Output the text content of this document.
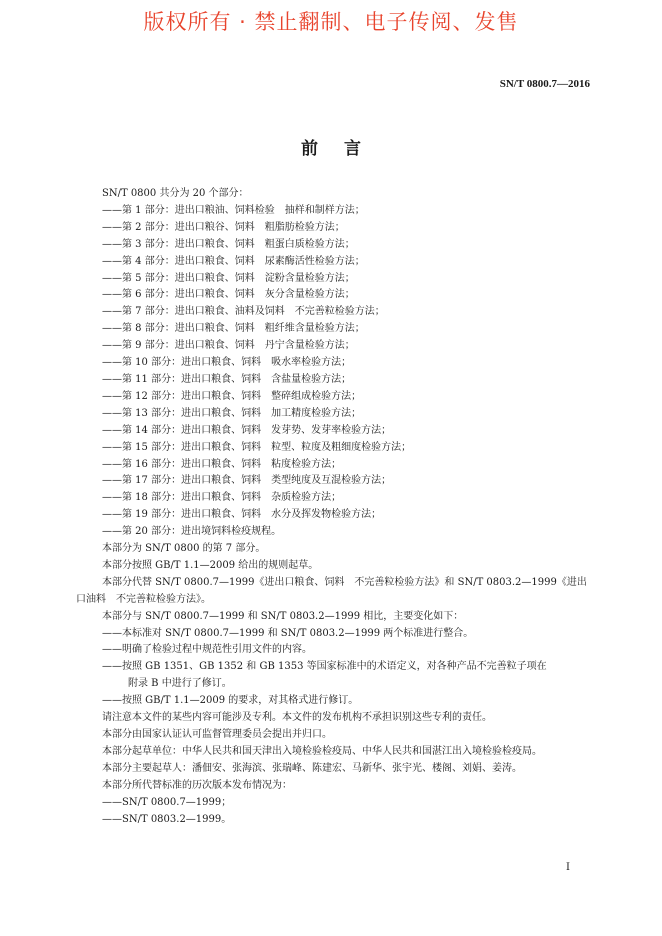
版权所有 · 禁止翻制、电子传阅、发售
SN/T 0800.7—2016
前言
SN/T 0800 共分为 20 个部分：
——第 1 部分：进出口粮油、饲料检验　抽样和制样方法；
——第 2 部分：进出口粮谷、饲料　粗脂肪检验方法；
——第 3 部分：进出口粮食、饲料　粗蛋白质检验方法；
——第 4 部分：进出口粮食、饲料　尿素酶活性检验方法；
——第 5 部分：进出口粮食、饲料　淀粉含量检验方法；
——第 6 部分：进出口粮食、饲料　灰分含量检验方法；
——第 7 部分：进出口粮食、油料及饲料　不完善粒检验方法；
——第 8 部分：进出口粮食、饲料　粗纤维含量检验方法；
——第 9 部分：进出口粮食、饲料　丹宁含量检验方法；
——第 10 部分：进出口粮食、饲料　吸水率检验方法；
——第 11 部分：进出口粮食、饲料　含盐量检验方法；
——第 12 部分：进出口粮食、饲料　整碎组成检验方法；
——第 13 部分：进出口粮食、饲料　加工精度检验方法；
——第 14 部分：进出口粮食、饲料　发芽势、发芽率检验方法；
——第 15 部分：进出口粮食、饲料　粒型、粒度及粗细度检验方法；
——第 16 部分：进出口粮食、饲料　粘度检验方法；
——第 17 部分：进出口粮食、饲料　类型纯度及互混检验方法；
——第 18 部分：进出口粮食、饲料　杂质检验方法；
——第 19 部分：进出口粮食、饲料　水分及挥发物检验方法；
——第 20 部分：进出境饲料检疫规程。
本部分为 SN/T 0800 的第 7 部分。
本部分按照 GB/T 1.1—2009 给出的规则起草。
本部分代替 SN/T 0800.7—1999《进出口粮食、饲料　不完善粒检验方法》和 SN/T 0803.2—1999《进出口油料　不完善粒检验方法》。
本部分与 SN/T 0800.7—1999 和 SN/T 0803.2—1999 相比，主要变化如下：
——本标准对 SN/T 0800.7—1999 和 SN/T 0803.2—1999 两个标准进行整合。
——明确了检验过程中规范性引用文件的内容。
——按照 GB 1351、GB 1352 和 GB 1353 等国家标准中的术语定义，对各种产品不完善粒子项在
附录 B 中进行了修订。
——按照 GB/T 1.1—2009 的要求，对其格式进行修订。
请注意本文件的某些内容可能涉及专利。本文件的发布机构不承担识别这些专利的责任。
本部分由国家认证认可监督管理委员会提出并归口。
本部分起草单位：中华人民共和国天津出入境检验检疫局、中华人民共和国湛江出入境检验检疫局。
本部分主要起草人：潘佃安、张海滨、张瑞峰、陈建宏、马新华、张宇光、楼阁、刘娟、姜涛。
本部分所代替标准的历次版本发布情况为：
——SN/T 0800.7—1999；
——SN/T 0803.2—1999。
I
